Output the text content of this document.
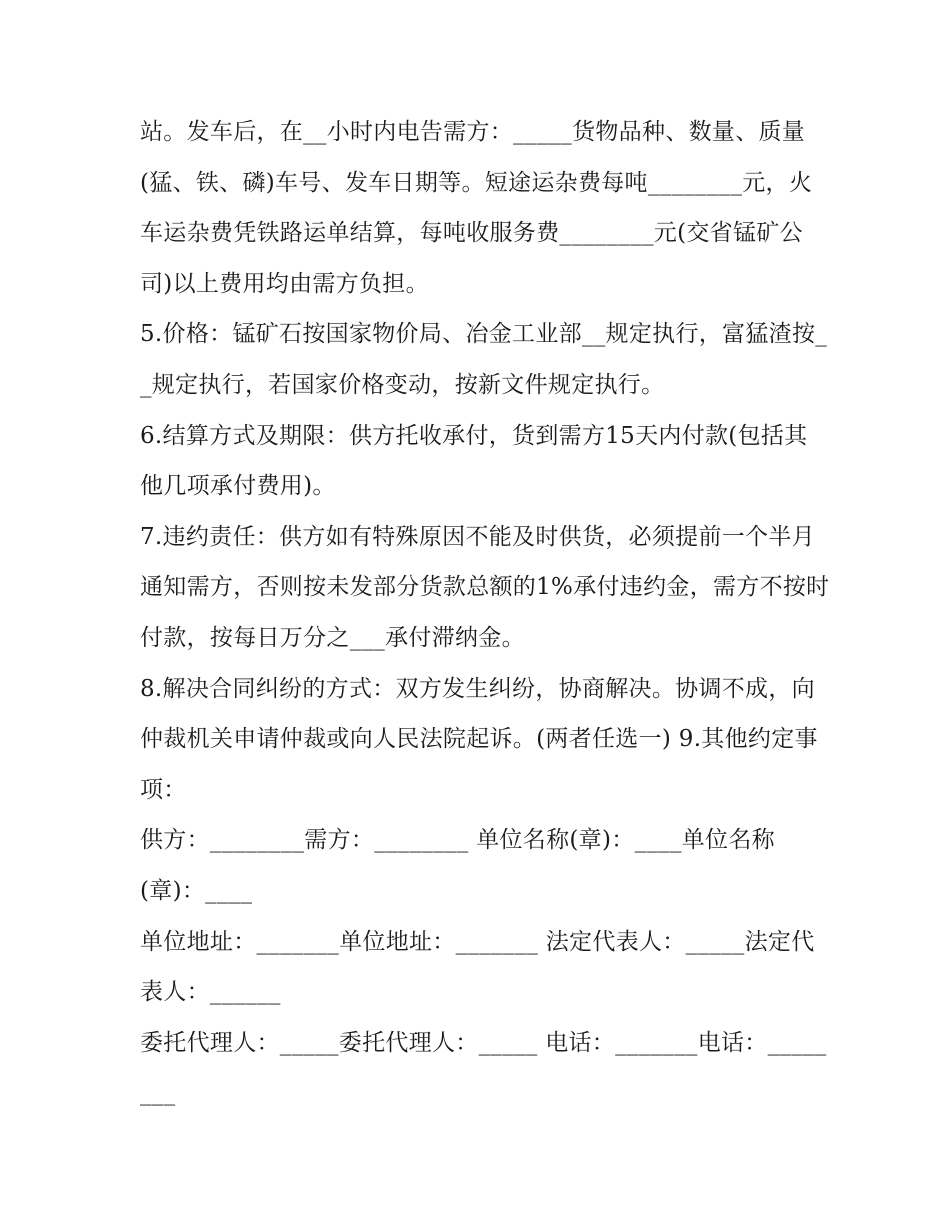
站。发车后，在__小时内电告需方：_____货物品种、数量、质量(猛、铁、磷)车号、发车日期等。短途运杂费每吨________元，火车运杂费凭铁路运单结算，每吨收服务费________元(交省锰矿公司)以上费用均由需方负担。

5.价格：锰矿石按国家物价局、冶金工业部__规定执行，富猛渣按__规定执行，若国家价格变动，按新文件规定执行。

6.结算方式及期限：供方托收承付，货到需方15天内付款(包括其他几项承付费用)。

7.违约责任：供方如有特殊原因不能及时供货，必须提前一个半月通知需方，否则按未发部分货款总额的1%承付违约金，需方不按时付款，按每日万分之___承付滞纳金。

8.解决合同纠纷的方式：双方发生纠纷，协商解决。协调不成，向仲裁机关申请仲裁或向人民法院起诉。(两者任选一) 9.其他约定事项：

供方：________需方：________ 单位名称(章)：____单位名称(章)：____

单位地址：_______单位地址：_______ 法定代表人：_____法定代表人：______

委托代理人：_____委托代理人：_____ 电话：_______电话：________
